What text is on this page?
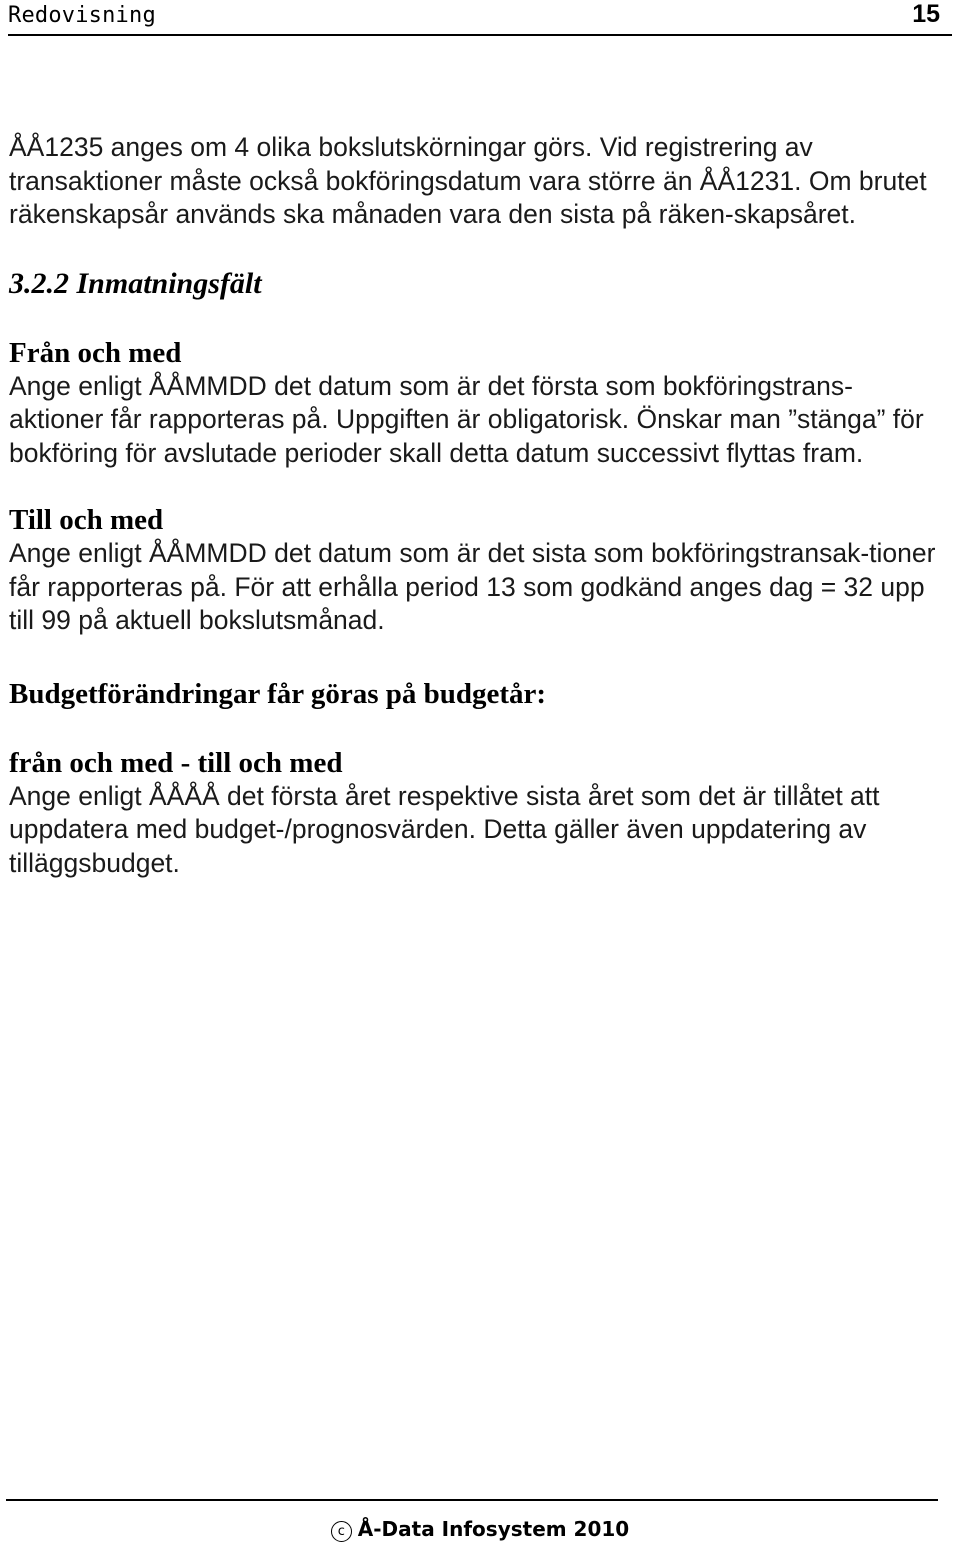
Redovisning	15

ÅÅ1235 anges om 4 olika bokslutskörningar görs. Vid registrering av transaktioner måste också bokföringsdatum vara större än ÅÅ1231. Om brutet räkenskapsår används ska månaden vara den sista på räken-skapsåret.

3.2.2 Inmatningsfält
Från och med

Ange enligt ÅÅMMDD det datum som är det första som bokföringstrans-aktioner får rapporteras på. Uppgiften är obligatorisk. Önskar man ”stänga” för bokföring för avslutade perioder skall detta datum successivt flyttas fram.

Till och med

Ange enligt ÅÅMMDD det datum som är det sista som bokföringstransak-tioner får rapporteras på. För att erhålla period 13 som godkänd anges dag = 32 upp till 99 på aktuell bokslutsmånad.

Budgetförändringar får göras på budgetår:
från och med - till och med

Ange enligt ÅÅÅÅ det första året respektive sista året som det är tillåtet att uppdatera med budget-/prognosvärden. Detta gäller även uppdatering av tilläggsbudget.

c Å-Data Infosystem 2010
